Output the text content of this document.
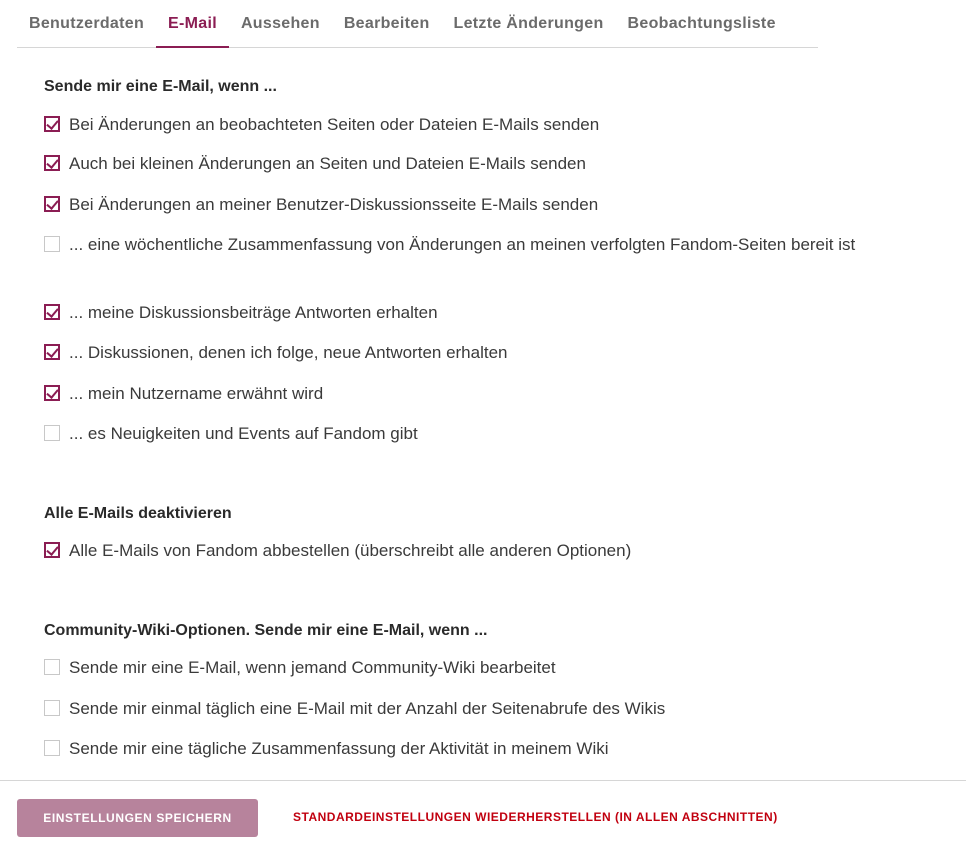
Benutzerdaten	E-Mail	Aussehen	Bearbeiten	Letzte Änderungen	Beobachtungsliste
Sende mir eine E-Mail, wenn ...
Bei Änderungen an beobachteten Seiten oder Dateien E-Mails senden
Auch bei kleinen Änderungen an Seiten und Dateien E-Mails senden
Bei Änderungen an meiner Benutzer-Diskussionsseite E-Mails senden
... eine wöchentliche Zusammenfassung von Änderungen an meinen verfolgten Fandom-Seiten bereit ist
... meine Diskussionsbeiträge Antworten erhalten
... Diskussionen, denen ich folge, neue Antworten erhalten
... mein Nutzername erwähnt wird
... es Neuigkeiten und Events auf Fandom gibt
Alle E-Mails deaktivieren
Alle E-Mails von Fandom abbestellen (überschreibt alle anderen Optionen)
Community-Wiki-Optionen. Sende mir eine E-Mail, wenn ...
Sende mir eine E-Mail, wenn jemand Community-Wiki bearbeitet
Sende mir einmal täglich eine E-Mail mit der Anzahl der Seitenabrufe des Wikis
Sende mir eine tägliche Zusammenfassung der Aktivität in meinem Wiki
EINSTELLUNGEN SPEICHERN	STANDARDEINSTELLUNGEN WIEDERHERSTELLEN (IN ALLEN ABSCHNITTEN)
